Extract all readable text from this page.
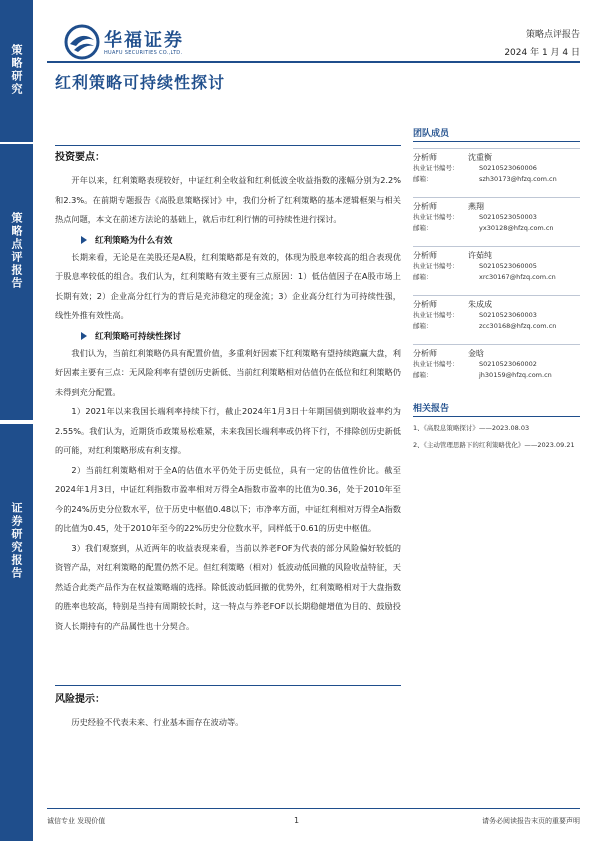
策略研究
策略点评报告
证券研究报告
华福证券
HUAFU SECURITIES CO.,LTD.
策略点评报告
2024 年 1 月 4 日
红利策略可持续性探讨
投资要点：

开年以来，红利策略表现较好，中证红利全收益和红利低波全收益指数的涨幅分别为2.2%和2.3%。在前期专题报告《高股息策略探讨》中，我们分析了红利策略的基本逻辑框架与相关热点问题，本文在前述方法论的基础上，就后市红利行情的可持续性进行探讨。

红利策略为什么有效

长期来看，无论是在美股还是A股，红利策略都是有效的，体现为股息率较高的组合表现优于股息率较低的组合。我们认为，红利策略有效主要有三点原因：1）低估值因子在A股市场上长期有效；2）企业高分红行为的背后是充沛稳定的现金流；3）企业高分红行为可持续性强，线性外推有效性高。

红利策略可持续性探讨

我们认为，当前红利策略仍具有配置价值，多重利好因素下红利策略有望持续跑赢大盘，利好因素主要有三点：无风险利率有望创历史新低、当前红利策略相对估值仍在低位和红利策略仍未得到充分配置。

1）2021年以来我国长端利率持续下行，截止2024年1月3日十年期国债到期收益率约为2.55%。我们认为，近期货币政策易松难紧，未来我国长端利率或仍将下行，不排除创历史新低的可能，对红利策略形成有利支撑。

2）当前红利策略相对于全A的估值水平仍处于历史低位，具有一定的估值性价比。截至2024年1月3日，中证红利指数市盈率相对万得全A指数市盈率的比值为0.36，处于2010年至今的24%历史分位数水平，位于历史中枢值0.48以下；市净率方面，中证红利相对万得全A指数的比值为0.45，处于2010年至今的22%历史分位数水平，同样低于0.61的历史中枢值。

3）我们观察到，从近两年的收益表现来看，当前以养老FOF为代表的部分风险偏好较低的资管产品，对红利策略的配置仍然不足。但红利策略（相对）低波动低回撤的风险收益特征，天然适合此类产品作为在权益策略端的选择。除低波动低回撤的优势外，红利策略相对于大盘指数的胜率也较高，特别是当持有周期较长时，这一特点与养老FOF以长期稳健增值为目的、鼓励投资人长期持有的产品属性也十分契合。

风险提示：

历史经验不代表未来、行业基本面存在波动等。

团队成员
分析师	沈重衡
执业证书编号：	S0210523060006
邮箱：	szh30173@hfzq.com.cn
分析师	燕翔
执业证书编号：	S0210523050003
邮箱：	yx30128@hfzq.com.cn
分析师	许茹纯
执业证书编号：	S0210523060005
邮箱：	xrc30167@hfzq.com.cn
分析师	朱成成
执业证书编号：	S0210523060003
邮箱：	zcc30168@hfzq.com.cn
分析师	金晗
执业证书编号：	S0210523060002
邮箱：	jh30159@hfzq.com.cn
相关报告
1、《高股息策略探讨》——2023.08.03
2、《主动管理思路下的红利策略优化》——2023.09.21
诚信专业 发现价值	1	请务必阅读报告末页的重要声明
